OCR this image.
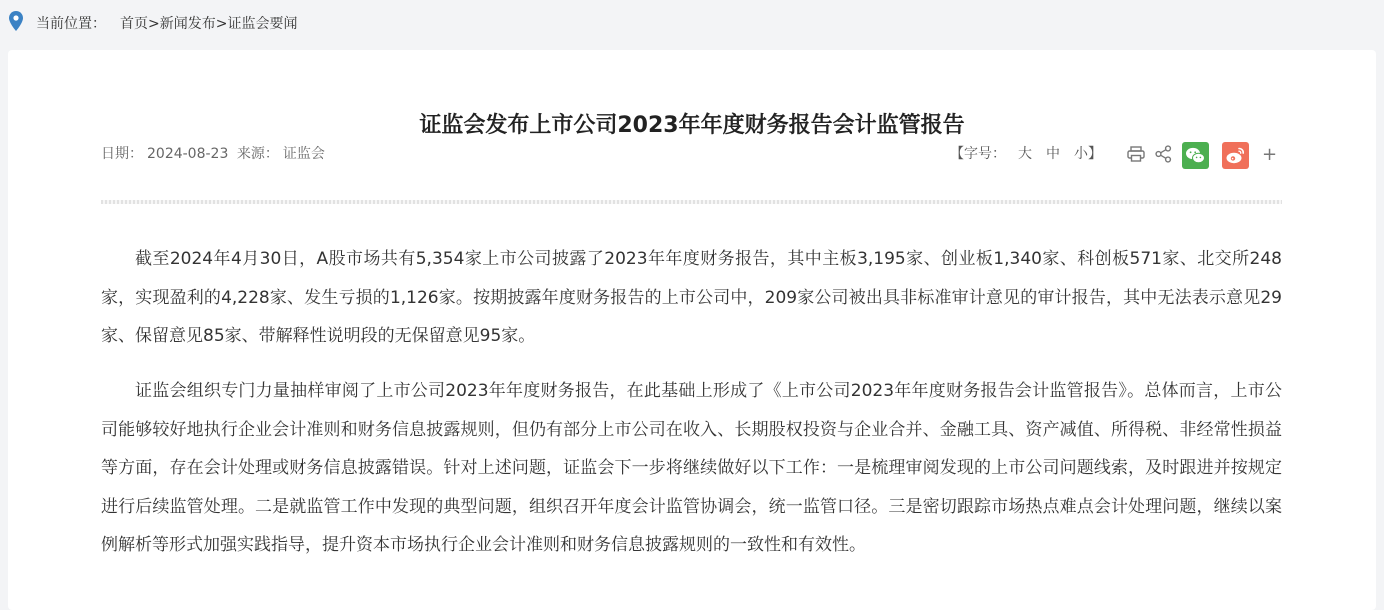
当前位置： 首页>新闻发布>证监会要闻
证监会发布上市公司2023年年度财务报告会计监管报告
日期： 2024-08-23 来源： 证监会	【字号： 大 中 小】	+

截至2024年4月30日，A股市场共有5,354家上市公司披露了2023年年度财务报告，其中主板3,195家、创业板1,340家、科创板571家、北交所248家，实现盈利的4,228家、发生亏损的1,126家。按期披露年度财务报告的上市公司中，209家公司被出具非标准审计意见的审计报告，其中无法表示意见29家、保留意见85家、带解释性说明段的无保留意见95家。

证监会组织专门力量抽样审阅了上市公司2023年年度财务报告，在此基础上形成了《上市公司2023年年度财务报告会计监管报告》。总体而言，上市公司能够较好地执行企业会计准则和财务信息披露规则，但仍有部分上市公司在收入、长期股权投资与企业合并、金融工具、资产减值、所得税、非经常性损益等方面，存在会计处理或财务信息披露错误。针对上述问题，证监会下一步将继续做好以下工作：一是梳理审阅发现的上市公司问题线索，及时跟进并按规定进行后续监管处理。二是就监管工作中发现的典型问题，组织召开年度会计监管协调会，统一监管口径。三是密切跟踪市场热点难点会计处理问题，继续以案例解析等形式加强实践指导，提升资本市场执行企业会计准则和财务信息披露规则的一致性和有效性。
